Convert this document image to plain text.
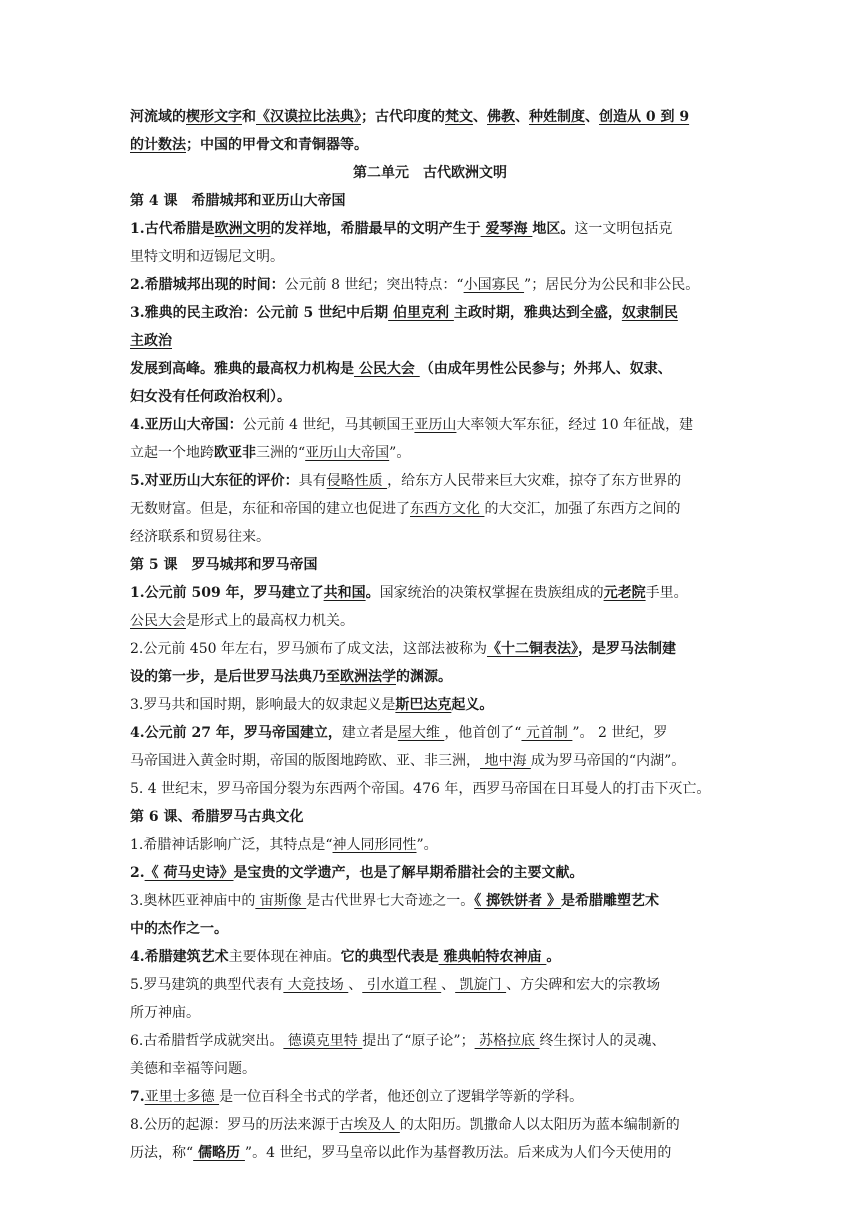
河流域的楔形文字和《汉谟拉比法典》；古代印度的梵文、佛教、种姓制度、创造从 0 到 9
的计数法；中国的甲骨文和青铜器等。
第二单元　古代欧洲文明
第 4 课　希腊城邦和亚历山大帝国
1.古代希腊是欧洲文明的发祥地，希腊最早的文明产生于 爱琴海 地区。这一文明包括克
里特文明和迈锡尼文明。
2.希腊城邦出现的时间：公元前 8 世纪；突出特点：“小国寡民 ”；居民分为公民和非公民。
3.雅典的民主政治：公元前 5 世纪中后期 伯里克利 主政时期，雅典达到全盛，奴隶制民
主政治
发展到高峰。雅典的最高权力机构是 公民大会 （由成年男性公民参与；外邦人、奴隶、
妇女没有任何政治权利）。
4.亚历山大帝国：公元前 4 世纪，马其顿国王亚历山大率领大军东征，经过 10 年征战，建
立起一个地跨欧亚非三洲的“亚历山大帝国”。
5.对亚历山大东征的评价：具有侵略性质 ，给东方人民带来巨大灾难，掠夺了东方世界的
无数财富。但是，东征和帝国的建立也促进了东西方文化 的大交汇，加强了东西方之间的
经济联系和贸易往来。
第 5 课　罗马城邦和罗马帝国
1.公元前 509 年，罗马建立了共和国。国家统治的决策权掌握在贵族组成的元老院手里。
公民大会是形式上的最高权力机关。
2.公元前 450 年左右，罗马颁布了成文法，这部法被称为《十二铜表法》，是罗马法制建
设的第一步，是后世罗马法典乃至欧洲法学的渊源。
3.罗马共和国时期，影响最大的奴隶起义是斯巴达克起义。
4.公元前 27 年，罗马帝国建立，建立者是屋大维 ，他首创了“ 元首制 ”。 2 世纪，罗
马帝国进入黄金时期，帝国的版图地跨欧、亚、非三洲， 地中海 成为罗马帝国的“内湖”。
5. 4 世纪末，罗马帝国分裂为东西两个帝国。476 年，西罗马帝国在日耳曼人的打击下灭亡。
第 6 课、希腊罗马古典文化
1.希腊神话影响广泛，其特点是“神人同形同性”。
2.《 荷马史诗》是宝贵的文学遗产，也是了解早期希腊社会的主要文献。
3.奥林匹亚神庙中的 宙斯像 是古代世界七大奇迹之一。《 掷铁饼者 》是希腊雕塑艺术
中的杰作之一。
4.希腊建筑艺术主要体现在神庙。它的典型代表是 雅典帕特农神庙 。
5.罗马建筑的典型代表有 大竞技场 、 引水道工程 、 凯旋门 、方尖碑和宏大的宗教场
所万神庙。
6.古希腊哲学成就突出。 德谟克里特 提出了“原子论”； 苏格拉底 终生探讨人的灵魂、
美德和幸福等问题。
7.亚里士多德 是一位百科全书式的学者，他还创立了逻辑学等新的学科。
8.公历的起源：罗马的历法来源于古埃及人 的太阳历。凯撒命人以太阳历为蓝本编制新的
历法，称“ 儒略历 ”。4 世纪，罗马皇帝以此作为基督教历法。后来成为人们今天使用的
